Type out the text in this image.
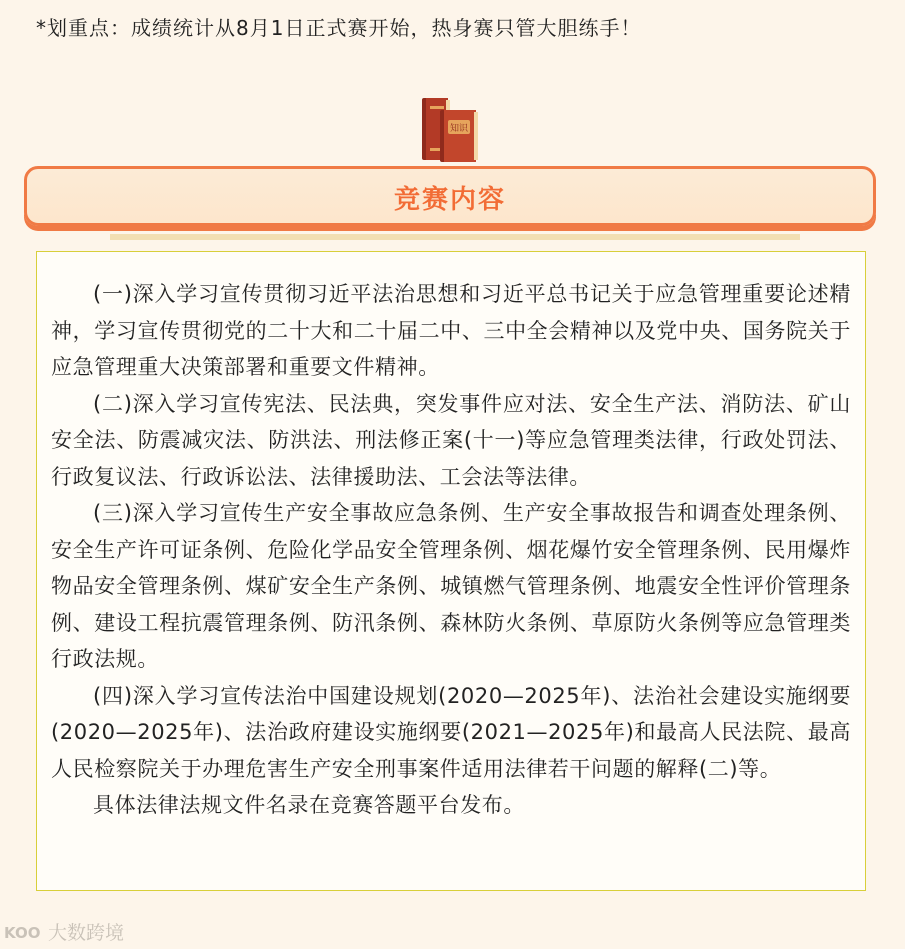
*划重点：成绩统计从8月1日正式赛开始，热身赛只管大胆练手！
知识
竞赛内容

(一)深入学习宣传贯彻习近平法治思想和习近平总书记关于应急管理重要论述精神，学习宣传贯彻党的二十大和二十届二中、三中全会精神以及党中央、国务院关于应急管理重大决策部署和重要文件精神。

(二)深入学习宣传宪法、民法典，突发事件应对法、安全生产法、消防法、矿山安全法、防震减灾法、防洪法、刑法修正案(十一)等应急管理类法律，行政处罚法、行政复议法、行政诉讼法、法律援助法、工会法等法律。

(三)深入学习宣传生产安全事故应急条例、生产安全事故报告和调查处理条例、安全生产许可证条例、危险化学品安全管理条例、烟花爆竹安全管理条例、民用爆炸物品安全管理条例、煤矿安全生产条例、城镇燃气管理条例、地震安全性评价管理条例、建设工程抗震管理条例、防汛条例、森林防火条例、草原防火条例等应急管理类行政法规。

(四)深入学习宣传法治中国建设规划(2020—2025年)、法治社会建设实施纲要(2020—2025年)、法治政府建设实施纲要(2021—2025年)和最高人民法院、最高人民检察院关于办理危害生产安全刑事案件适用法律若干问题的解释(二)等。

具体法律法规文件名录在竞赛答题平台发布。

KOO 大数跨境
